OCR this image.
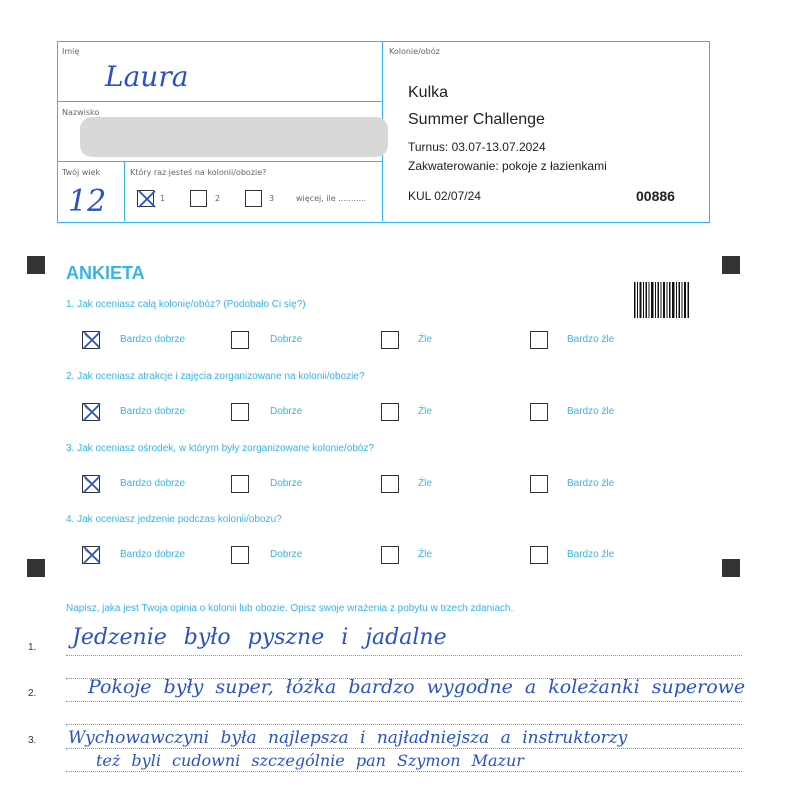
Imię
Laura
Nazwisko
Twój wiek
12
Który raz jesteś na kolonii/obozie?
1	2	3	więcej, ile ...........
Kolonie/obóz
Kulka
Summer Challenge
Turnus: 03.07-13.07.2024
Zakwaterowanie: pokoje z łazienkami
KUL 02/07/24	00886
ANKIETA
1. Jak oceniasz całą kolonię/obóz? (Podobało Ci się?)
Bardzo dobrze	Dobrze	Źle	Bardzo źle
2. Jak oceniasz atrakcje i zajęcia zorganizowane na kolonii/obozie?
Bardzo dobrze	Dobrze	Źle	Bardzo źle
3. Jak oceniasz ośrodek, w którym były zorganizowane kolonie/obóz?
Bardzo dobrze	Dobrze	Źle	Bardzo źle
4. Jak oceniasz jedzenie podczas kolonii/obozu?
Bardzo dobrze	Dobrze	Źle	Bardzo źle
Napisz, jaka jest Twoja opinia o kolonii lub obozie. Opisz swoje wrażenia z pobytu w trzech zdaniach.
1.
2.
3.
Jedzenie było pyszne i jadalne
Pokoje były super, łóżka bardzo wygodne a koleżanki superowe
Wychowawczyni była najlepsza i najładniejsza a instruktorzy
też byli cudowni szczególnie pan Szymon Mazur
